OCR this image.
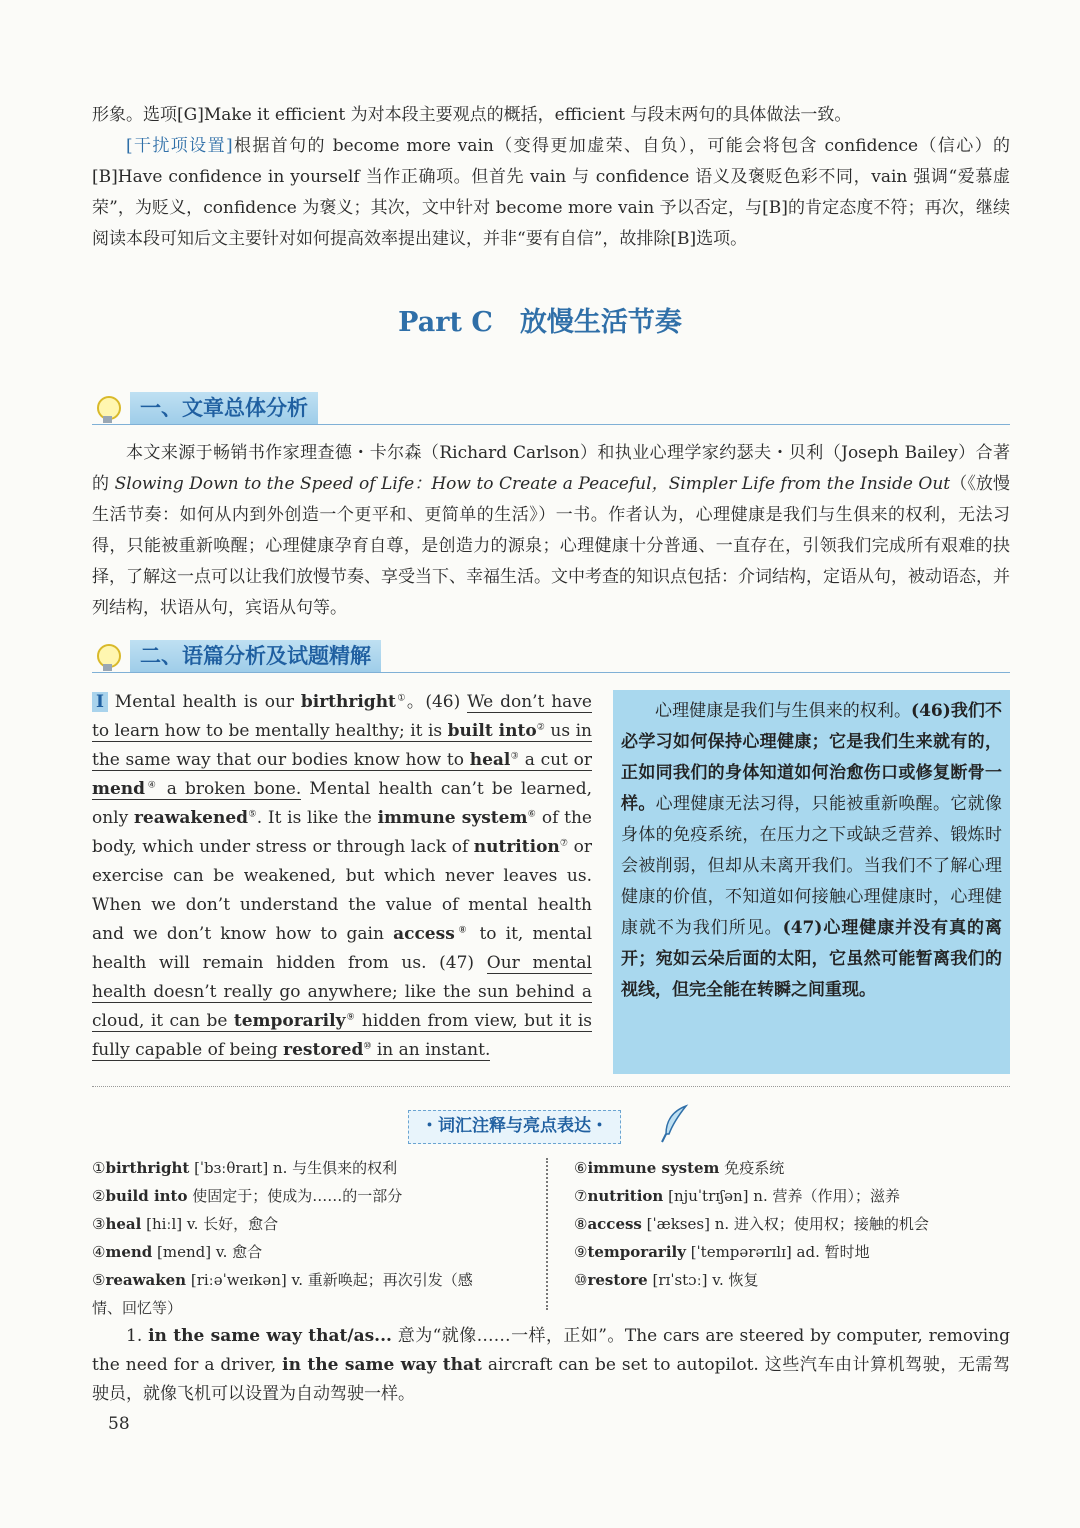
形象。选项[G]Make it efficient 为对本段主要观点的概括，efficient 与段末两句的具体做法一致。
[干扰项设置]根据首句的 become more vain（变得更加虚荣、自负），可能会将包含 confidence（信心）的[B]Have confidence in yourself 当作正确项。但首先 vain 与 confidence 语义及褒贬色彩不同，vain 强调“爱慕虚荣”，为贬义，confidence 为褒义；其次，文中针对 become more vain 予以否定，与[B]的肯定态度不符；再次，继续阅读本段可知后文主要针对如何提高效率提出建议，并非“要有自信”，故排除[B]选项。
Part C　放慢生活节奏
一、文章总体分析
本文来源于畅销书作家理查德・卡尔森（Richard Carlson）和执业心理学家约瑟夫・贝利（Joseph Bailey）合著的 Slowing Down to the Speed of Life：How to Create a Peaceful，Simpler Life from the Inside Out（《放慢生活节奏：如何从内到外创造一个更平和、更简单的生活》）一书。作者认为，心理健康是我们与生俱来的权利，无法习得，只能被重新唤醒；心理健康孕育自尊，是创造力的源泉；心理健康十分普通、一直存在，引领我们完成所有艰难的抉择，了解这一点可以让我们放慢节奏、享受当下、幸福生活。文中考查的知识点包括：介词结构，定语从句，被动语态，并列结构，状语从句，宾语从句等。
二、语篇分析及试题精解
I Mental health is our birthright①。(46) We don’t have to learn how to be mentally healthy; it is built into② us in the same way that our bodies know how to heal③ a cut or mend④ a broken bone. Mental health can’t be learned, only reawakened⑤. It is like the immune system⑥ of the body, which under stress or through lack of nutrition⑦ or exercise can be weakened, but which never leaves us. When we don’t understand the value of mental health and we don’t know how to gain access⑧ to it, mental health will remain hidden from us. (47) Our mental health doesn’t really go anywhere; like the sun behind a cloud, it can be temporarily⑨ hidden from view, but it is fully capable of being restored⑩ in an instant.
心理健康是我们与生俱来的权利。(46)我们不必学习如何保持心理健康；它是我们生来就有的，正如同我们的身体知道如何治愈伤口或修复断骨一样。心理健康无法习得，只能被重新唤醒。它就像身体的免疫系统，在压力之下或缺乏营养、锻炼时会被削弱，但却从未离开我们。当我们不了解心理健康的价值，不知道如何接触心理健康时，心理健康就不为我们所见。(47)心理健康并没有真的离开；宛如云朵后面的太阳，它虽然可能暂离我们的视线，但完全能在转瞬之间重现。
・词汇注释与亮点表达・
①birthright [ˈbɜːθraɪt] n. 与生俱来的权利
②build into 使固定于；使成为……的一部分
③heal [hiːl] v. 长好，愈合
④mend [mend] v. 愈合
⑤reawaken [riːəˈweɪkən] v. 重新唤起；再次引发（感
情、回忆等）
⑥immune system 免疫系统
⑦nutrition [njuˈtrɪʃən] n. 营养（作用）；滋养
⑧access [ˈækses] n. 进入权；使用权；接触的机会
⑨temporarily [ˈtempərərɪlɪ] ad. 暂时地
⑩restore [rɪˈstɔː] v. 恢复
1. in the same way that/as... 意为“就像……一样，正如”。The cars are steered by computer, removing the need for a driver, in the same way that aircraft can be set to autopilot. 这些汽车由计算机驾驶，无需驾驶员，就像飞机可以设置为自动驾驶一样。
58
